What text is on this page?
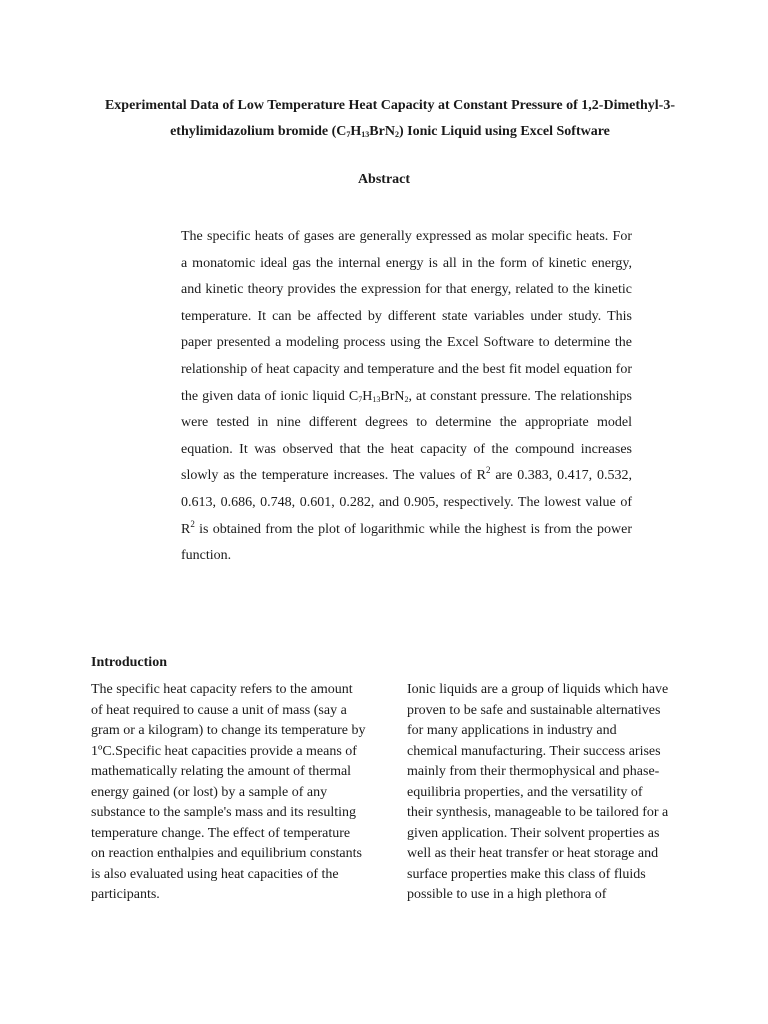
Experimental Data of Low Temperature Heat Capacity at Constant Pressure of 1,2-Dimethyl-3-ethylimidazolium bromide $(C_7H_{13}BrN_2)$ Ionic Liquid using Excel Software
Abstract
The specific heats of gases are generally expressed as molar specific heats. For a monatomic ideal gas the internal energy is all in the form of kinetic energy, and kinetic theory provides the expression for that energy, related to the kinetic temperature. It can be affected by different state variables under study. This paper presented a modeling process using the Excel Software to determine the relationship of heat capacity and temperature and the best fit model equation for the given data of ionic liquid $C_7H_{13}BrN_2$, at constant pressure. The relationships were tested in nine different degrees to determine the appropriate model equation. It was observed that the heat capacity of the compound increases slowly as the temperature increases. The values of $R^2$ are 0.383, 0.417, 0.532, 0.613, 0.686, 0.748, 0.601, 0.282, and 0.905, respectively. The lowest value of $R^2$ is obtained from the plot of logarithmic while the highest is from the power function.
Introduction
The specific heat capacity refers to the amount of heat required to cause a unit of mass (say a gram or a kilogram) to change its temperature by 1ºC.Specific heat capacities provide a means of mathematically relating the amount of thermal energy gained (or lost) by a sample of any substance to the sample's mass and its resulting temperature change. The effect of temperature on reaction enthalpies and equilibrium constants is also evaluated using heat capacities of the participants.
Ionic liquids are a group of liquids which have proven to be safe and sustainable alternatives for many applications in industry and chemical manufacturing. Their success arises mainly from their thermophysical and phase-equilibria properties, and the versatility of their synthesis, manageable to be tailored for a given application. Their solvent properties as well as their heat transfer or heat storage and surface properties make this class of fluids possible to use in a high plethora of
